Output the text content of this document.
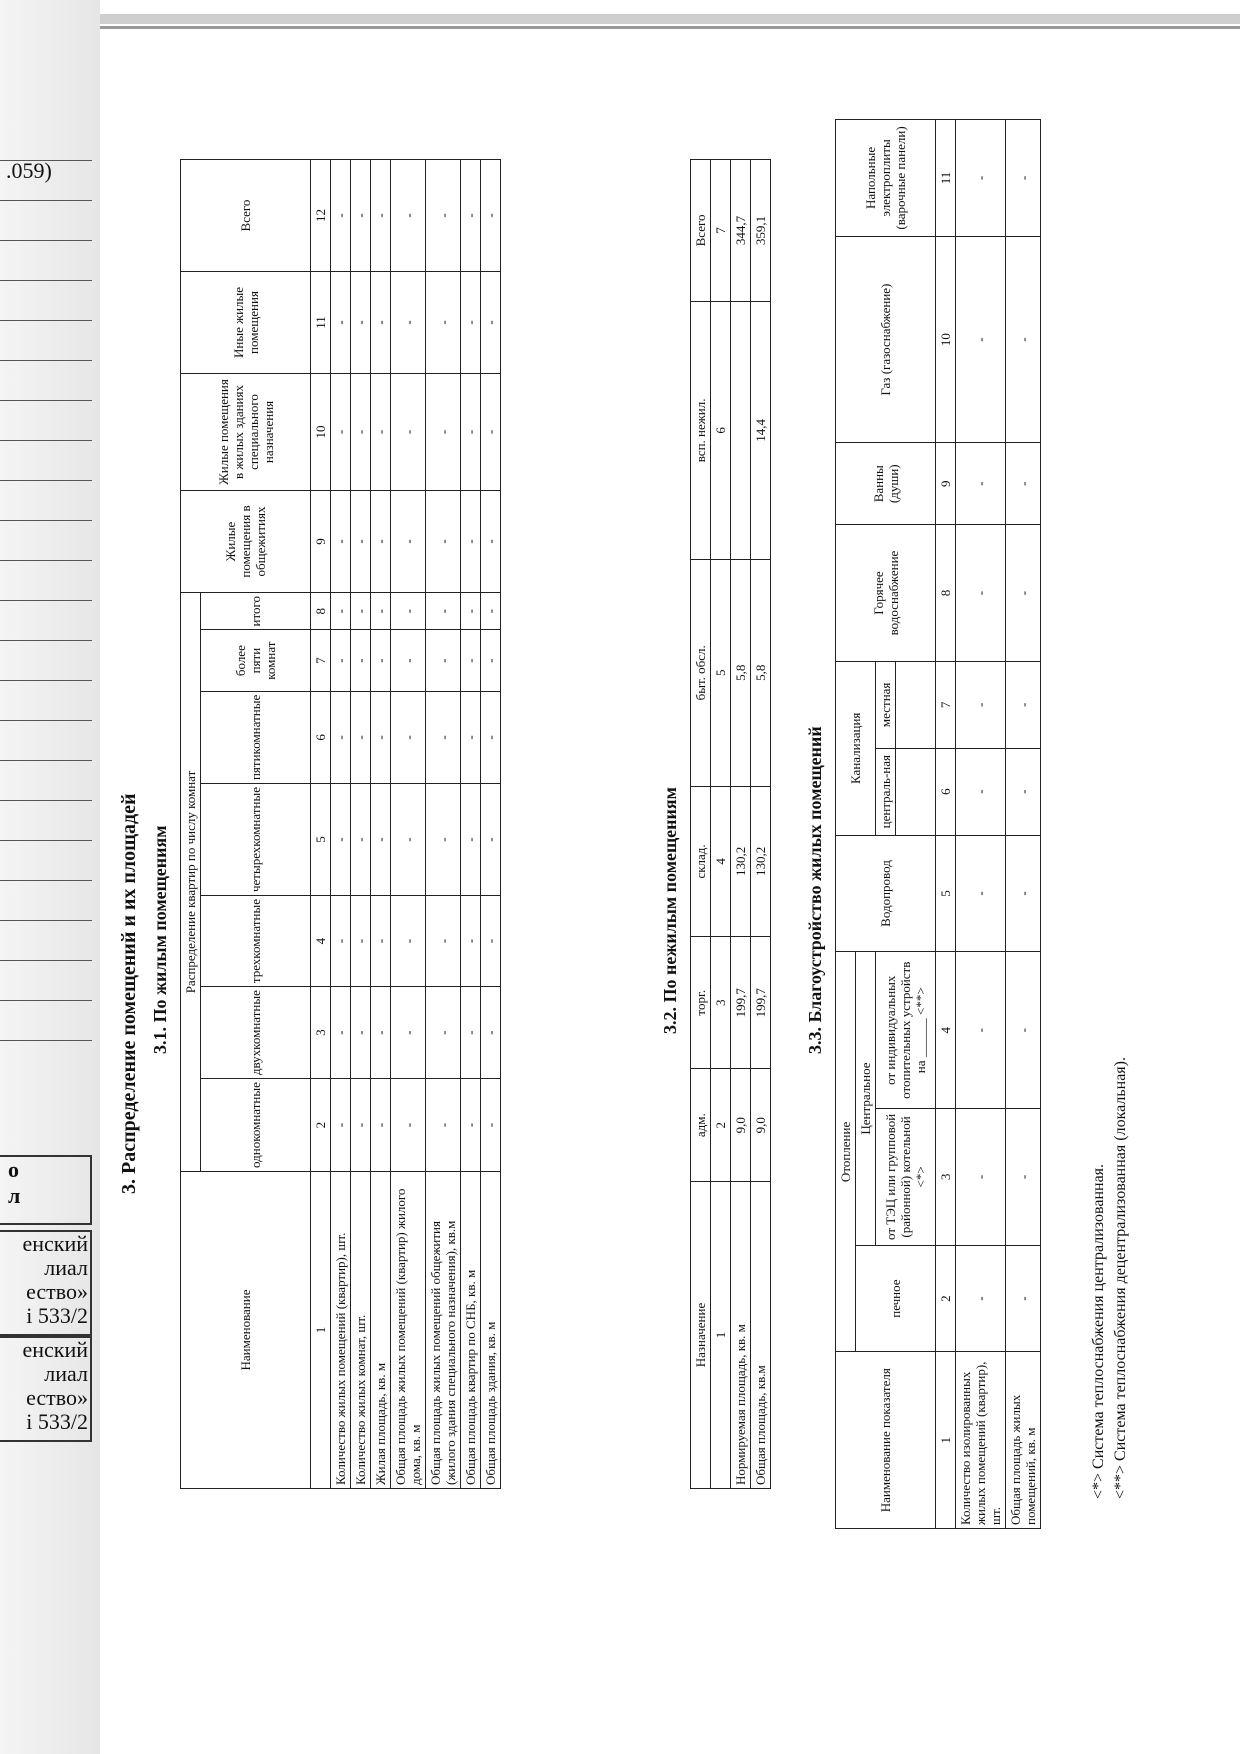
.059)
о
л
енский
лиал
ество»
і 533/2
енский
лиал
ество»
і 533/2
3. Распределение помещений и их площадей 3.1. По жилым помещениям
Наименование	Распределение квартир по числу комнат							Жилые помещения в общежитиях	Жилые помещения в жилых зданиях специального назначения	Иные жилые помещения	Всего
	однокомнатные	двухкомнатные	трехкомнатные	четырехкомнатные	пятикомнатные	более пяти комнат	итого				
1	2	3	4	5	6	7	8	9	10	11	12
Количество жилых помещений (квартир), шт.	-	-	-	-	-	-	-	-	-	-	-
Количество жилых комнат, шт.	-	-	-	-	-	-	-	-	-	-	-
Жилая площадь, кв. м	-	-	-	-	-	-	-	-	-	-	-
Общая площадь жилых помещений (квартир) жилого дома, кв. м	-	-	-	-	-	-	-	-	-	-	-
Общая площадь жилых помещений общежития (жилого здания специального назначения), кв.м	-	-	-	-	-	-	-	-	-	-	-
Общая площадь квартир по СНБ, кв. м	-	-	-	-	-	-	-	-	-	-	-
Общая площадь здания, кв. м	-	-	-	-	-	-	-	-	-	-	-
3.2. По нежилым помещениям
Назначение	адм.	торг.	склад.	быт. обсл.	всп. нежил.	Всего
1	2	3	4	5	6	7
Нормируемая площадь, кв. м	9,0	199,7	130,2	5,8		344,7
Общая площадь, кв.м	9,0	199,7	130,2	5,8	14,4	359,1
3.3. Благоустройство жилых помещений
Наименование показателя	Отопление			Водопровод	Канализация		Горячее водоснабжение	Ванны (души)	Газ (газоснабжение)	Напольные электроплиты (варочные панели)
	печное	Центральное								
		от ТЭЦ или групповой (районной) котельной <*>	от индивидуальных отопительных устройств на ______ <**>		централь-ная	местная				

1	2	3	4	5	6	7	8	9	10	11
Количество изолированных жилых помещений (квартир), шт.	-	-	-	-	-	-	-	-	-	-
Общая площадь жилых помещений, кв. м	-	-	-	-	-	-	-	-	-	-
<*> Система теплоснабжения централизованная. <**> Система теплоснабжения децентрализованная (локальная).
